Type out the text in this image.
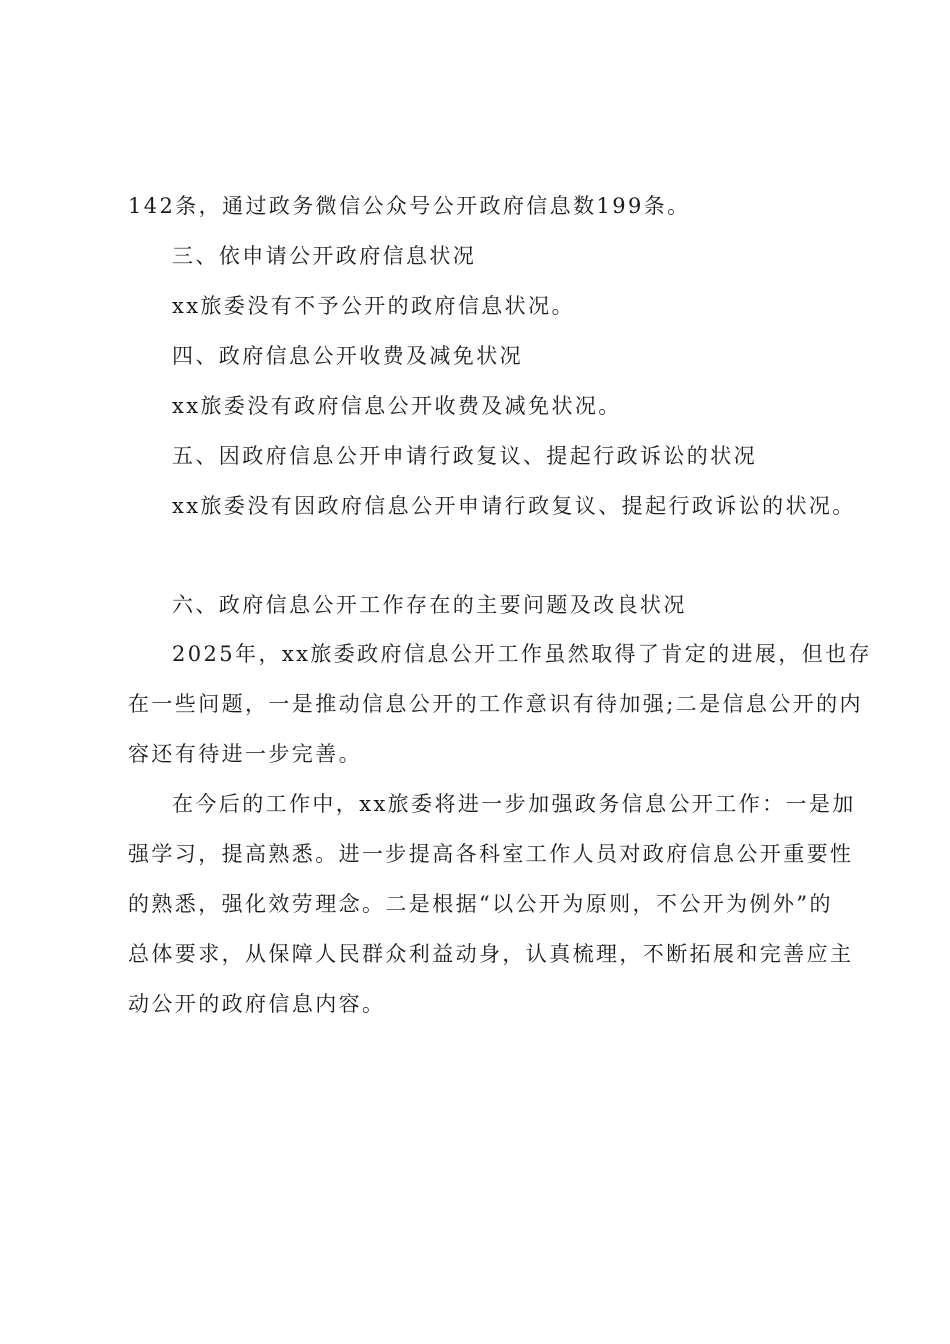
142条，通过政务微信公众号公开政府信息数199条。
三、依申请公开政府信息状况
xx旅委没有不予公开的政府信息状况。
四、政府信息公开收费及减免状况
xx旅委没有政府信息公开收费及减免状况。
五、因政府信息公开申请行政复议、提起行政诉讼的状况
xx旅委没有因政府信息公开申请行政复议、提起行政诉讼的状况。
六、政府信息公开工作存在的主要问题及改良状况
2025年，xx旅委政府信息公开工作虽然取得了肯定的进展，但也存
在一些问题，一是推动信息公开的工作意识有待加强;二是信息公开的内
容还有待进一步完善。
在今后的工作中，xx旅委将进一步加强政务信息公开工作：一是加
强学习，提高熟悉。进一步提高各科室工作人员对政府信息公开重要性
的熟悉，强化效劳理念。二是根据“以公开为原则，不公开为例外”的
总体要求，从保障人民群众利益动身，认真梳理，不断拓展和完善应主
动公开的政府信息内容。
